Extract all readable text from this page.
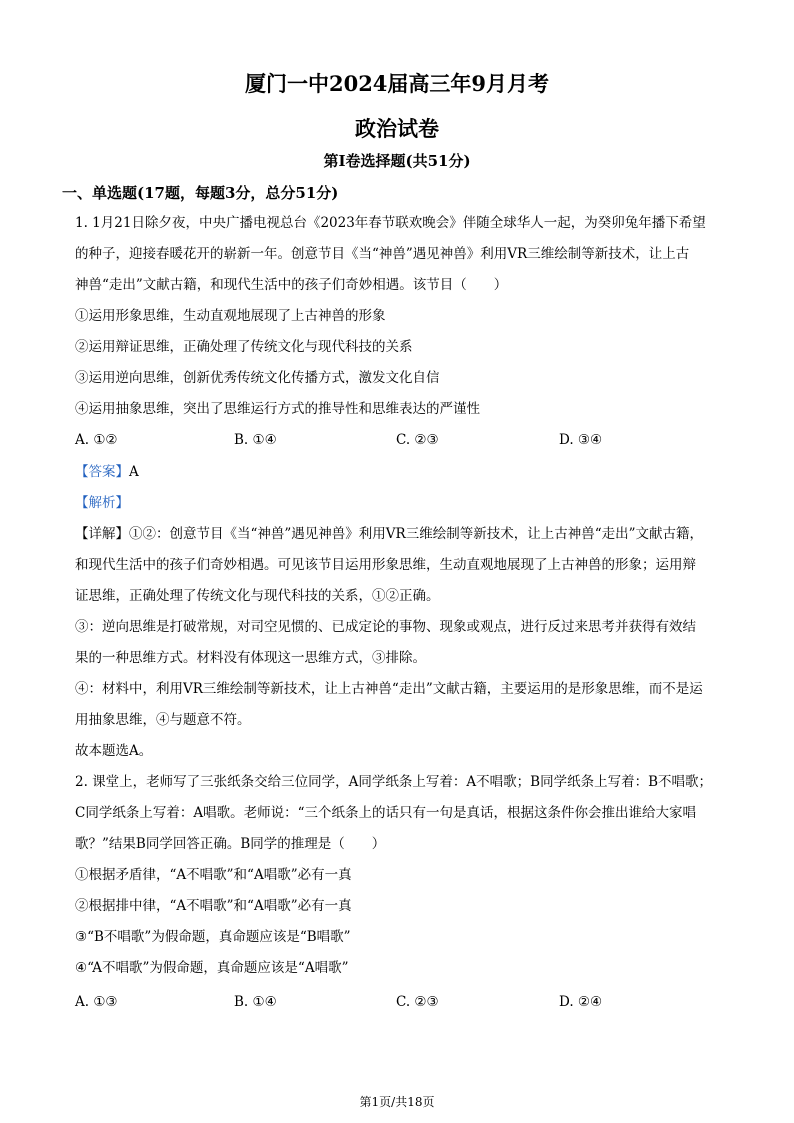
厦门一中2024届高三年9月月考
政治试卷
第Ⅰ卷选择题(共51分)
一、单选题(17题，每题3分，总分51分)
1. 1月21日除夕夜，中央广播电视总台《2023年春节联欢晚会》伴随全球华人一起，为癸卯兔年播下希望
的种子，迎接春暖花开的崭新一年。创意节目《当“神兽”遇见神兽》利用VR三维绘制等新技术，让上古
神兽“走出”文献古籍，和现代生活中的孩子们奇妙相遇。该节目（　　）
①运用形象思维，生动直观地展现了上古神兽的形象
②运用辩证思维，正确处理了传统文化与现代科技的关系
③运用逆向思维，创新优秀传统文化传播方式，激发文化自信
④运用抽象思维，突出了思维运行方式的推导性和思维表达的严谨性
A. ①②	B. ①④	C. ②③	D. ③④
【答案】A
【解析】
【详解】①②：创意节目《当“神兽”遇见神兽》利用VR三维绘制等新技术，让上古神兽“走出”文献古籍，
和现代生活中的孩子们奇妙相遇。可见该节目运用形象思维，生动直观地展现了上古神兽的形象；运用辩
证思维，正确处理了传统文化与现代科技的关系，①②正确。
③：逆向思维是打破常规，对司空见惯的、已成定论的事物、现象或观点，进行反过来思考并获得有效结
果的一种思维方式。材料没有体现这一思维方式，③排除。
④：材料中，利用VR三维绘制等新技术，让上古神兽“走出”文献古籍，主要运用的是形象思维，而不是运
用抽象思维，④与题意不符。
故本题选A。
2. 课堂上，老师写了三张纸条交给三位同学，A同学纸条上写着：A不唱歌；B同学纸条上写着：B不唱歌；
C同学纸条上写着：A唱歌。老师说：“三个纸条上的话只有一句是真话，根据这条件你会推出谁给大家唱
歌？”结果B同学回答正确。B同学的推理是（　　）
①根据矛盾律，“A不唱歌”和“A唱歌”必有一真
②根据排中律，“A不唱歌”和“A唱歌”必有一真
③“B不唱歌”为假命题，真命题应该是“B唱歌”
④“A不唱歌”为假命题，真命题应该是“A唱歌”
A. ①③	B. ①④	C. ②③	D. ②④
第1页/共18页
